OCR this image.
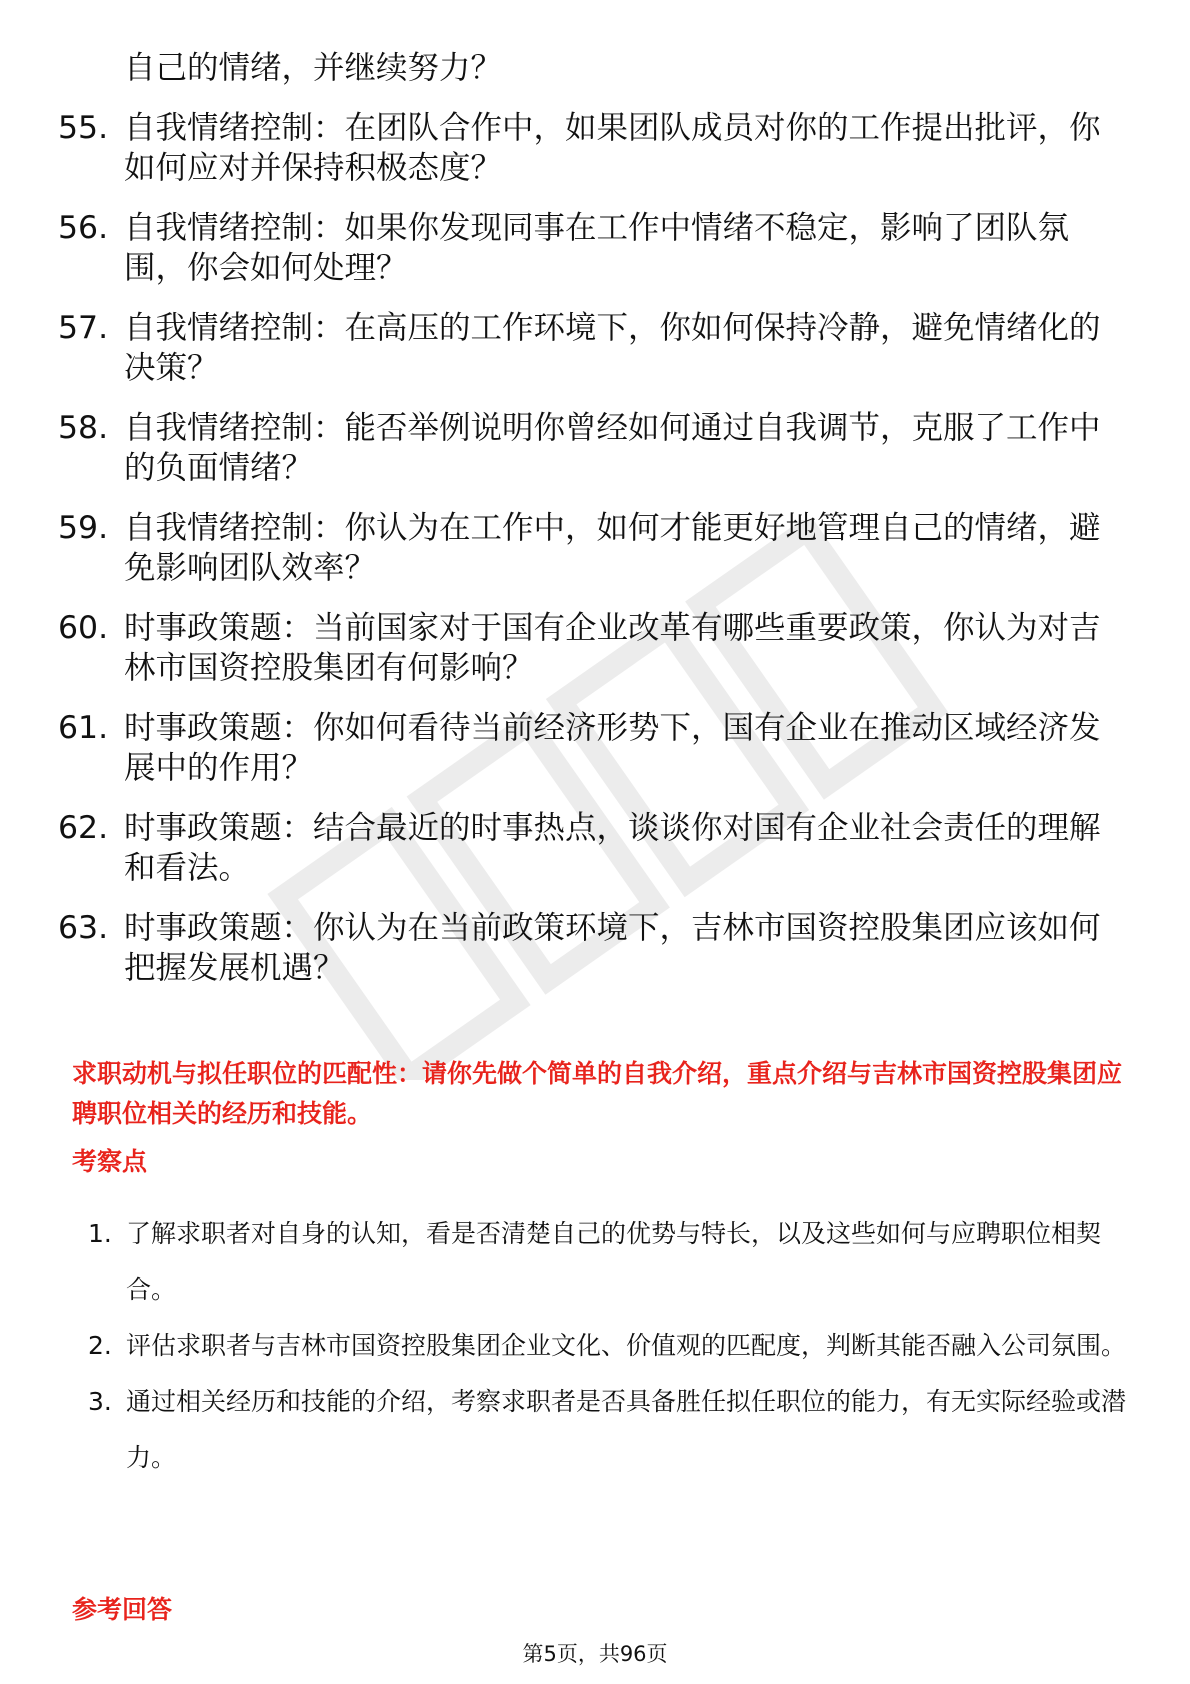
自己的情绪，并继续努力？
55. 自我情绪控制：在团队合作中，如果团队成员对你的工作提出批评，你如何应对并保持积极态度？
56. 自我情绪控制：如果你发现同事在工作中情绪不稳定，影响了团队氛围，你会如何处理？
57. 自我情绪控制：在高压的工作环境下，你如何保持冷静，避免情绪化的决策？
58. 自我情绪控制：能否举例说明你曾经如何通过自我调节，克服了工作中的负面情绪？
59. 自我情绪控制：你认为在工作中，如何才能更好地管理自己的情绪，避免影响团队效率？
60. 时事政策题：当前国家对于国有企业改革有哪些重要政策，你认为对吉林市国资控股集团有何影响？
61. 时事政策题：你如何看待当前经济形势下，国有企业在推动区域经济发展中的作用？
62. 时事政策题：结合最近的时事热点，谈谈你对国有企业社会责任的理解和看法。
63. 时事政策题：你认为在当前政策环境下，吉林市国资控股集团应该如何把握发展机遇？
求职动机与拟任职位的匹配性：请你先做个简单的自我介绍，重点介绍与吉林市国资控股集团应聘职位相关的经历和技能。
考察点
1. 了解求职者对自身的认知，看是否清楚自己的优势与特长，以及这些如何与应聘职位相契合。
2. 评估求职者与吉林市国资控股集团企业文化、价值观的匹配度，判断其能否融入公司氛围。
3. 通过相关经历和技能的介绍，考察求职者是否具备胜任拟任职位的能力，有无实际经验或潜力。
参考回答
第5页，共96页
